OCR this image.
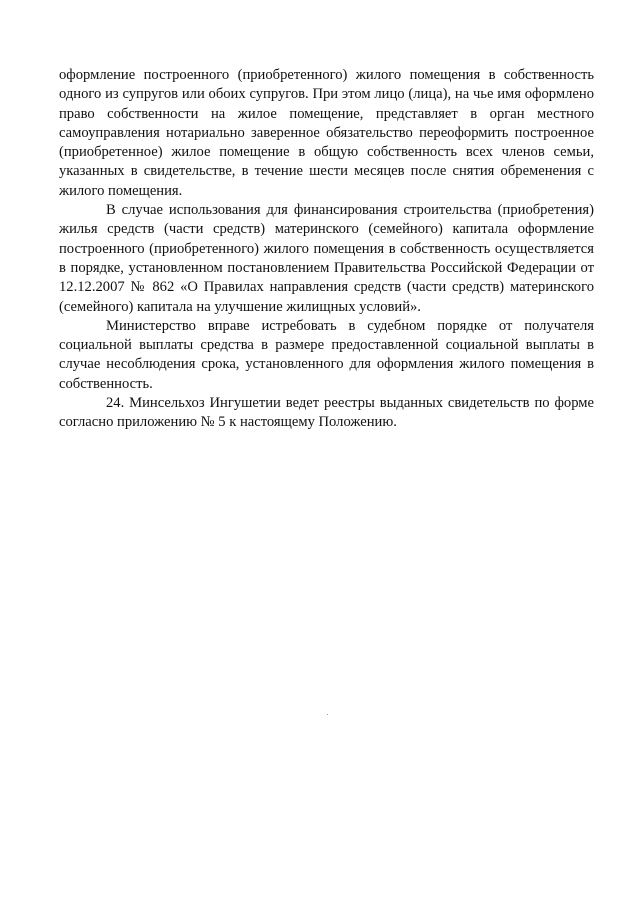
оформление построенного (приобретенного) жилого помещения в собственность одного из супругов или обоих супругов. При этом лицо (лица), на чье имя оформлено право собственности на жилое помещение, представляет в орган местного самоуправления нотариально заверенное обязательство переоформить построенное (приобретенное) жилое помещение в общую собственность всех членов семьи, указанных в свидетельстве, в течение шести месяцев после снятия обременения с жилого помещения.

В случае использования для финансирования строительства (приобретения) жилья средств (части средств) материнского (семейного) капитала оформление построенного (приобретенного) жилого помещения в собственность осуществляется в порядке, установленном постановлением Правительства Российской Федерации от 12.12.2007 № 862 «О Правилах направления средств (части средств) материнского (семейного) капитала на улучшение жилищных условий».

Министерство вправе истребовать в судебном порядке от получателя социальной выплаты средства в размере предоставленной социальной выплаты в случае несоблюдения срока, установленного для оформления жилого помещения в собственность.

24. Минсельхоз Ингушетии ведет реестры выданных свидетельств по форме согласно приложению № 5 к настоящему Положению.
